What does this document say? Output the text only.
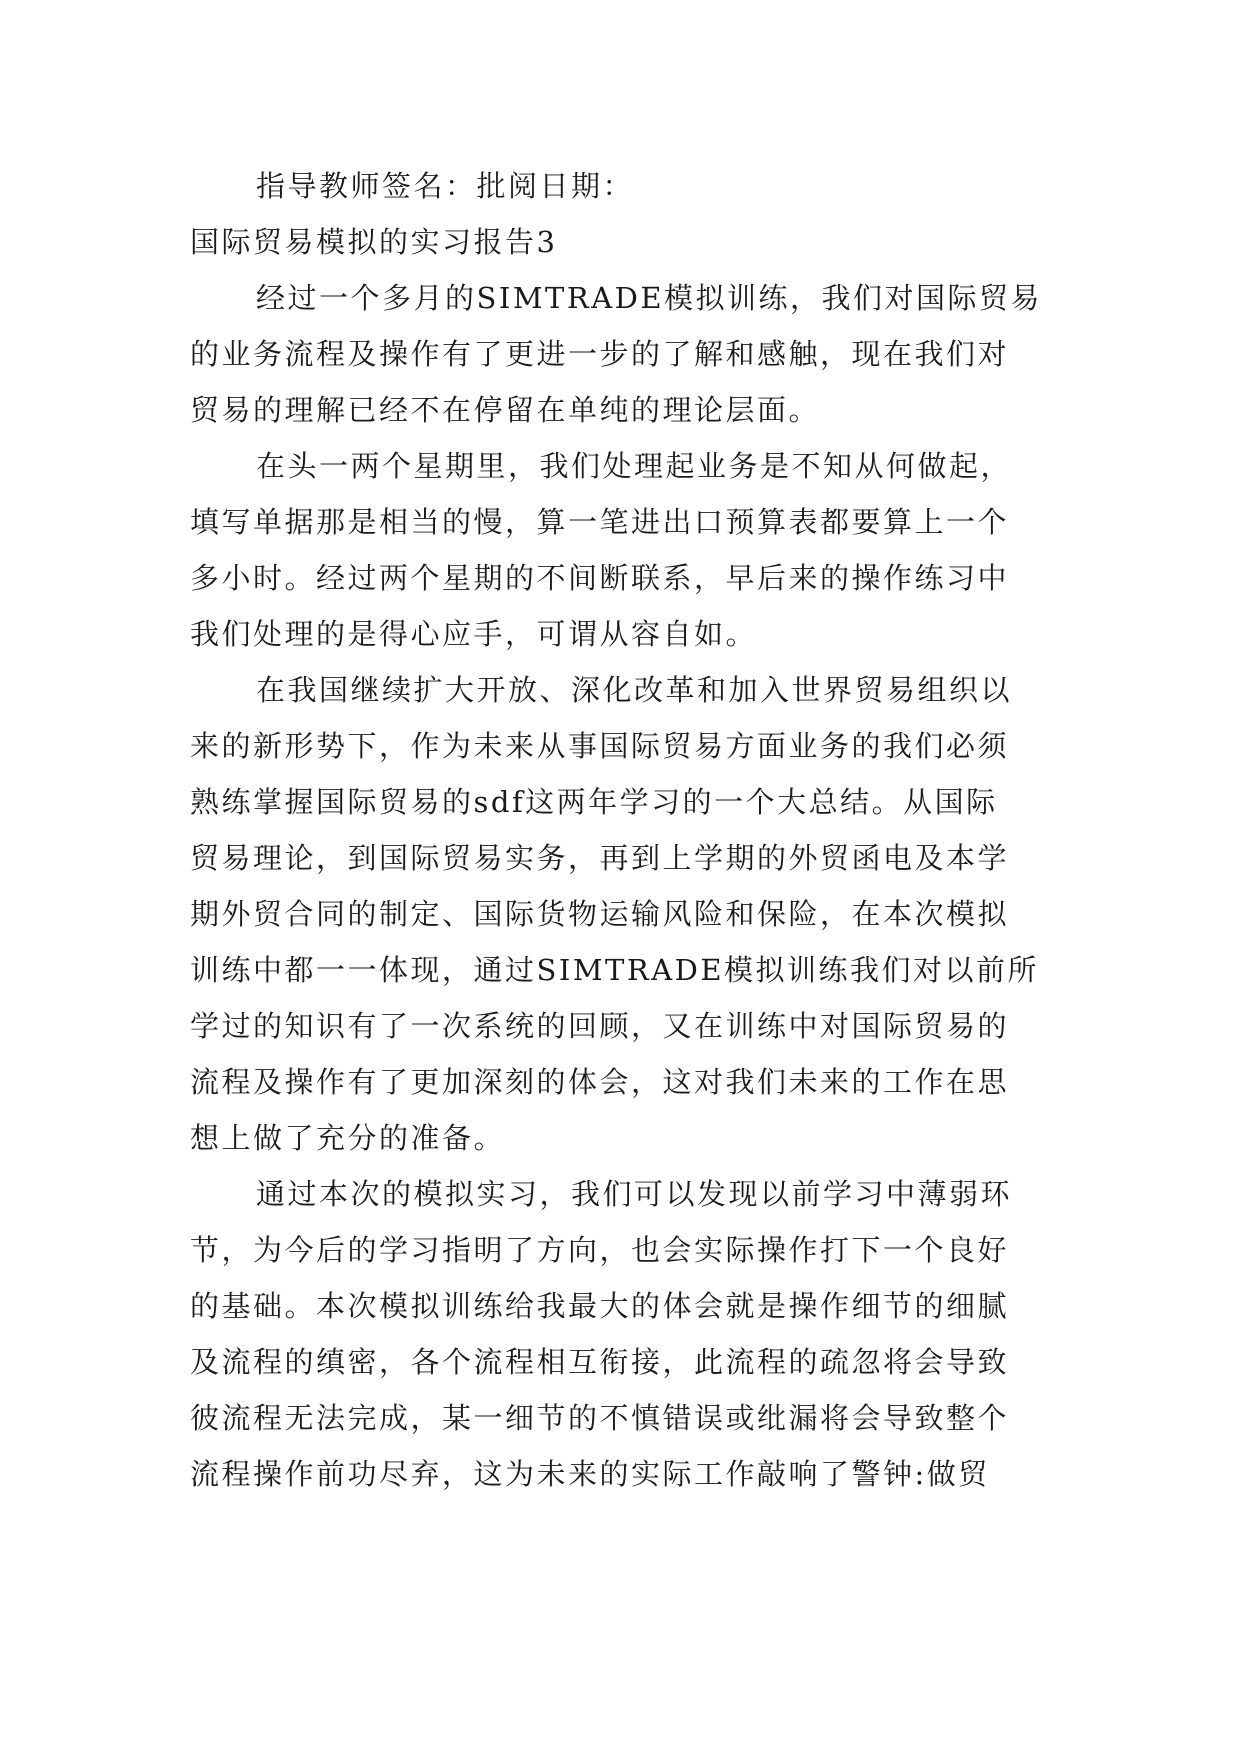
指导教师签名：批阅日期：
国际贸易模拟的实习报告3
经过一个多月的SIMTRADE模拟训练，我们对国际贸易
的业务流程及操作有了更进一步的了解和感触，现在我们对
贸易的理解已经不在停留在单纯的理论层面。
在头一两个星期里，我们处理起业务是不知从何做起，
填写单据那是相当的慢，算一笔进出口预算表都要算上一个
多小时。经过两个星期的不间断联系，早后来的操作练习中
我们处理的是得心应手，可谓从容自如。
在我国继续扩大开放、深化改革和加入世界贸易组织以
来的新形势下，作为未来从事国际贸易方面业务的我们必须
熟练掌握国际贸易的sdf这两年学习的一个大总结。从国际
贸易理论，到国际贸易实务，再到上学期的外贸函电及本学
期外贸合同的制定、国际货物运输风险和保险，在本次模拟
训练中都一一体现，通过SIMTRADE模拟训练我们对以前所
学过的知识有了一次系统的回顾，又在训练中对国际贸易的
流程及操作有了更加深刻的体会，这对我们未来的工作在思
想上做了充分的准备。
通过本次的模拟实习，我们可以发现以前学习中薄弱环
节，为今后的学习指明了方向，也会实际操作打下一个良好
的基础。本次模拟训练给我最大的体会就是操作细节的细腻
及流程的缜密，各个流程相互衔接，此流程的疏忽将会导致
彼流程无法完成，某一细节的不慎错误或纰漏将会导致整个
流程操作前功尽弃，这为未来的实际工作敲响了警钟:做贸
